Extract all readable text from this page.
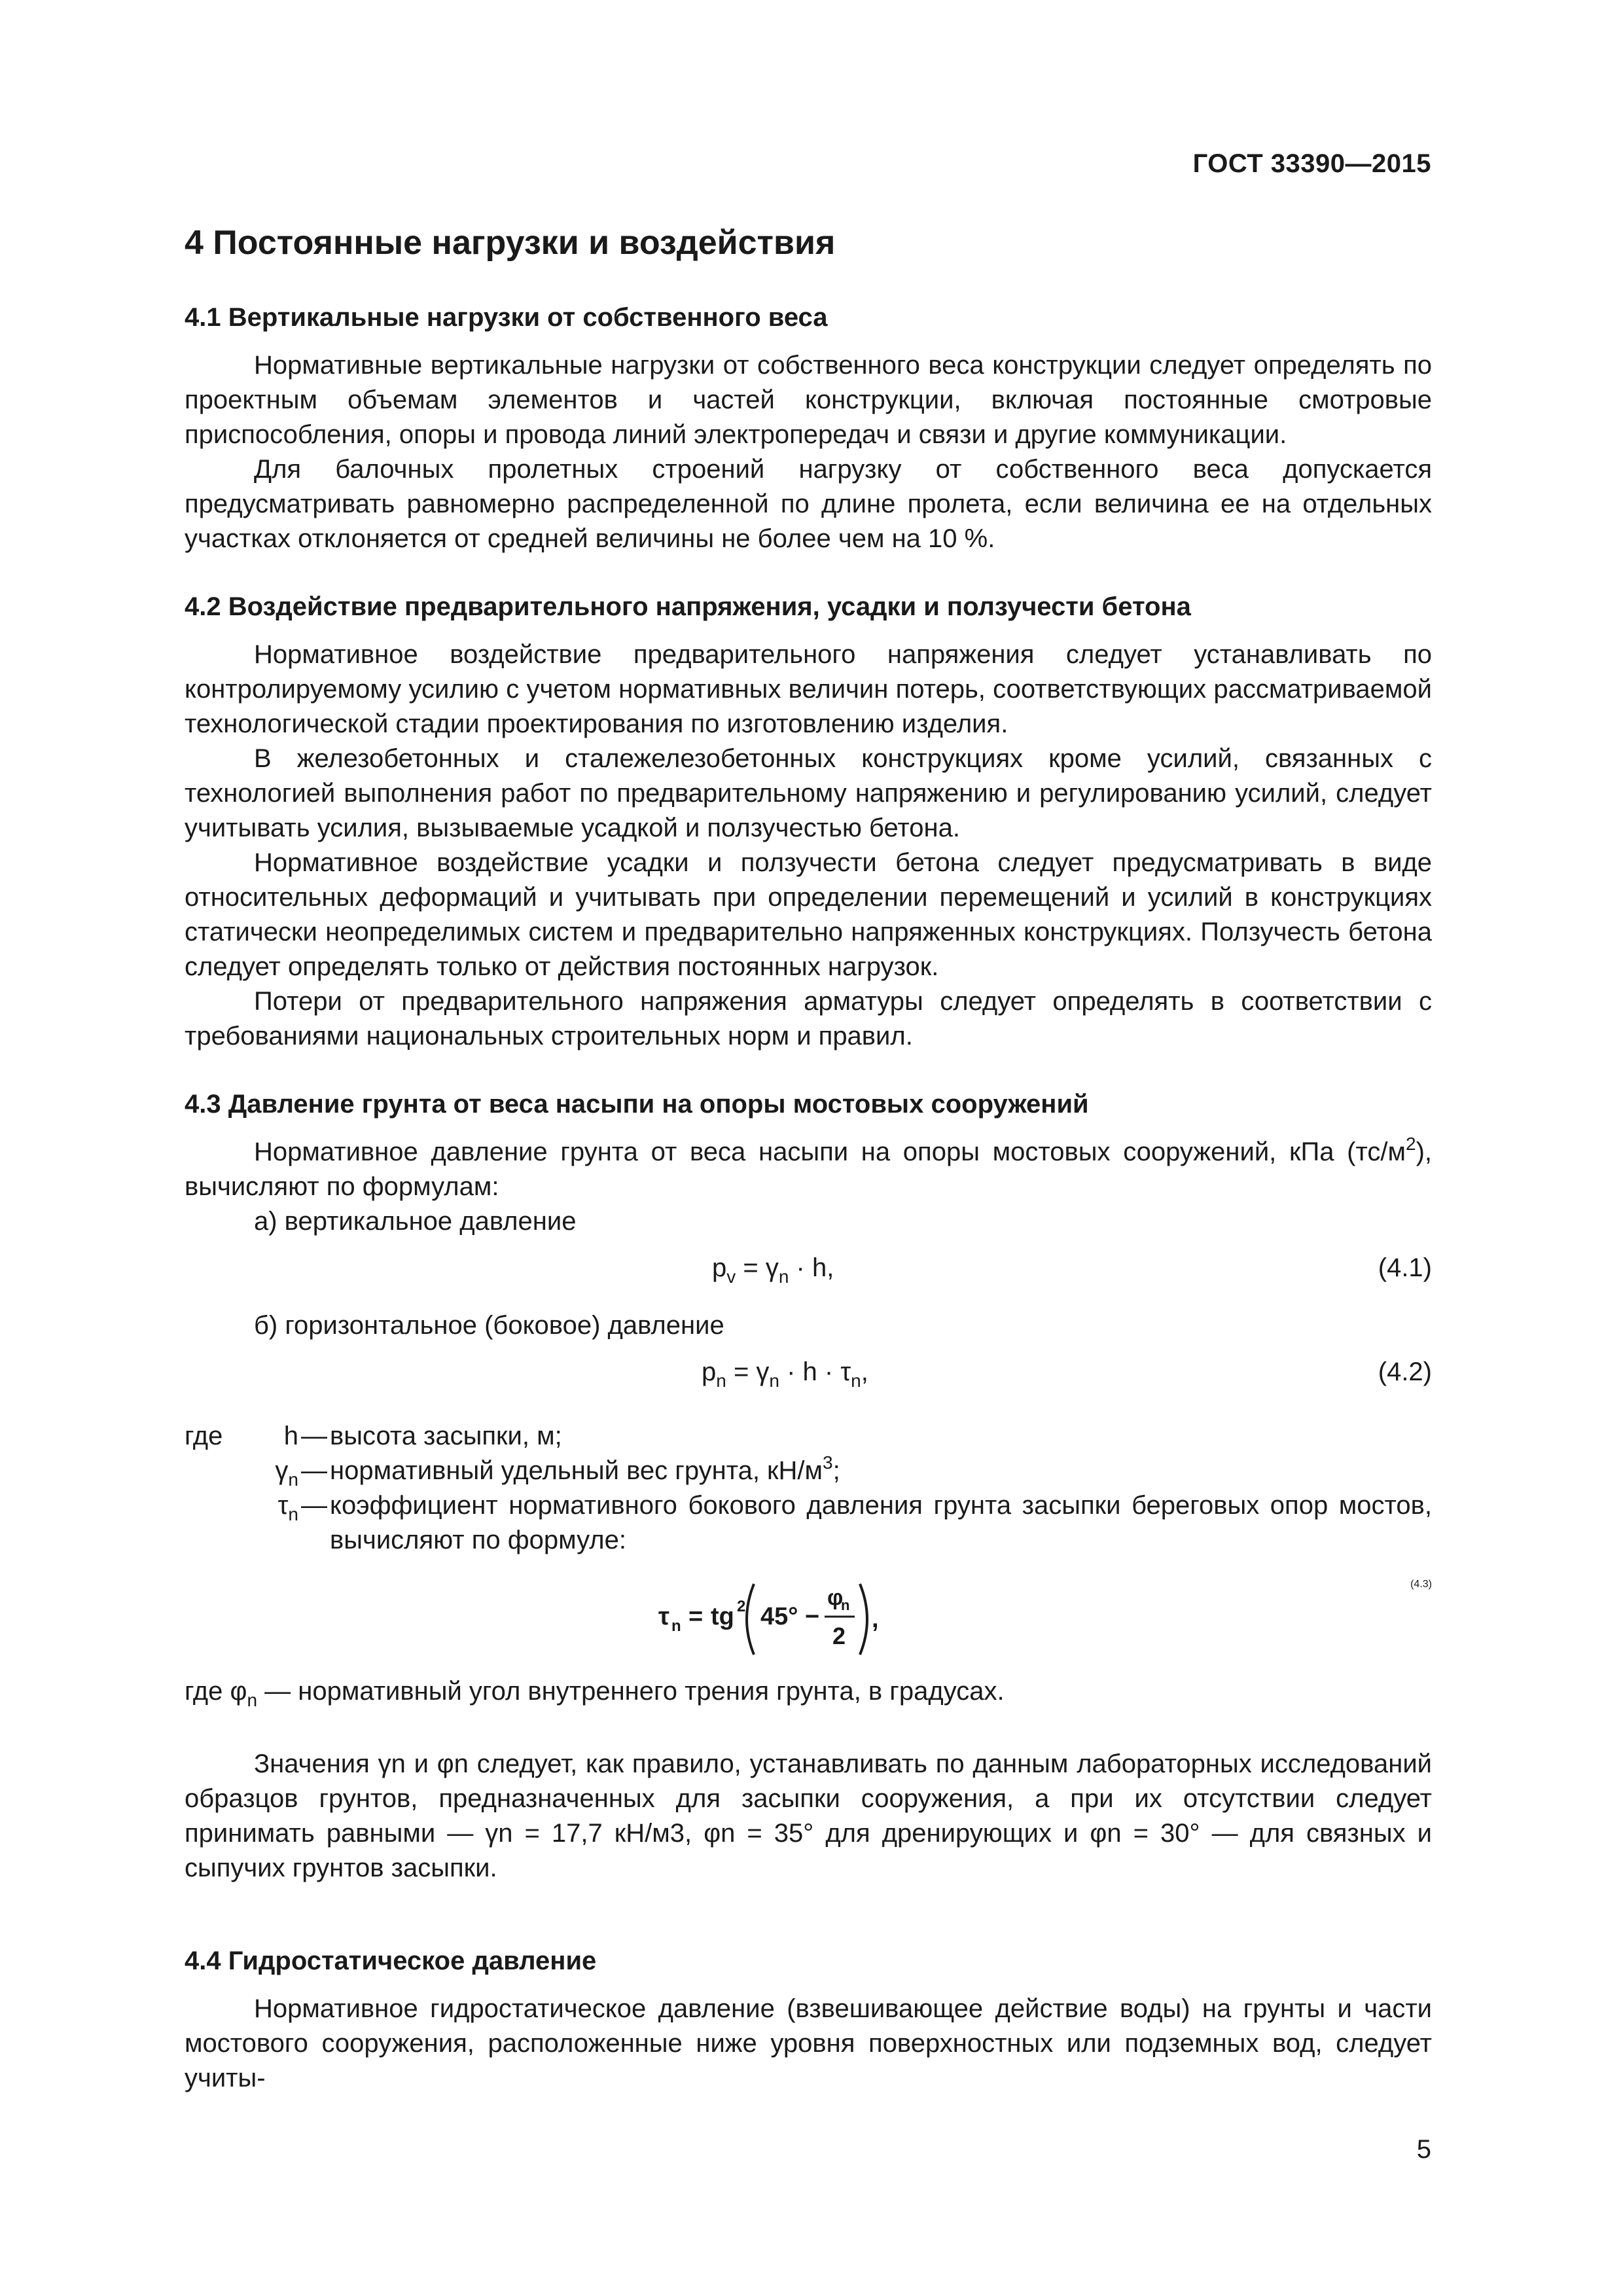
ГОСТ 33390—2015
4 Постоянные нагрузки и воздействия
4.1 Вертикальные нагрузки от собственного веса

Нормативные вертикальные нагрузки от собственного веса конструкции следует определять по проектным объемам элементов и частей конструкции, включая постоянные смотровые приспособления, опоры и провода линий электропередач и связи и другие коммуникации.

Для балочных пролетных строений нагрузку от собственного веса допускается предусматривать равномерно распределенной по длине пролета, если величина ее на отдельных участках отклоняется от средней величины не более чем на 10 %.

4.2 Воздействие предварительного напряжения, усадки и ползучести бетона

Нормативное воздействие предварительного напряжения следует устанавливать по контролируемому усилию с учетом нормативных величин потерь, соответствующих рассматриваемой технологической стадии проектирования по изготовлению изделия.

В железобетонных и сталежелезобетонных конструкциях кроме усилий, связанных с технологией выполнения работ по предварительному напряжению и регулированию усилий, следует учитывать усилия, вызываемые усадкой и ползучестью бетона.

Нормативное воздействие усадки и ползучести бетона следует предусматривать в виде относительных деформаций и учитывать при определении перемещений и усилий в конструкциях статически неопределимых систем и предварительно напряженных конструкциях. Ползучесть бетона следует определять только от действия постоянных нагрузок.

Потери от предварительного напряжения арматуры следует определять в соответствии с требованиями национальных строительных норм и правил.

4.3 Давление грунта от веса насыпи на опоры мостовых сооружений

Нормативное давление грунта от веса насыпи на опоры мостовых сооружений, кПа $(тс/м^2)$, вычисляют по формулам:

а) вертикальное давление

$p_v = \gamma_n \cdot h$,	(4.1)

б) горизонтальное (боковое) давление

$p_n = \gamma_n \cdot h \cdot \tau_n$,	(4.2)
где	h — высота засыпки, м;
$\gamma_n$ — нормативный удельный вес грунта, $кН/м^3$;
$\tau_n$ — коэффициент нормативного бокового давления грунта засыпки береговых опор мостов, вычисляют по формуле:
τ n = tg 2 45° −
φ
n
2
,
(4.3)

где $\varphi_n$ — нормативный угол внутреннего трения грунта, в градусах.

Значения γn и φn следует, как правило, устанавливать по данным лабораторных исследований образцов грунтов, предназначенных для засыпки сооружения, а при их отсутствии следует принимать равными — γn = 17,7 кН/м3, φn = 35° для дренирующих и φn = 30° — для связных и сыпучих грунтов засыпки.

4.4 Гидростатическое давление

Нормативное гидростатическое давление (взвешивающее действие воды) на грунты и части мостового сооружения, расположенные ниже уровня поверхностных или подземных вод, следует учиты-

5
